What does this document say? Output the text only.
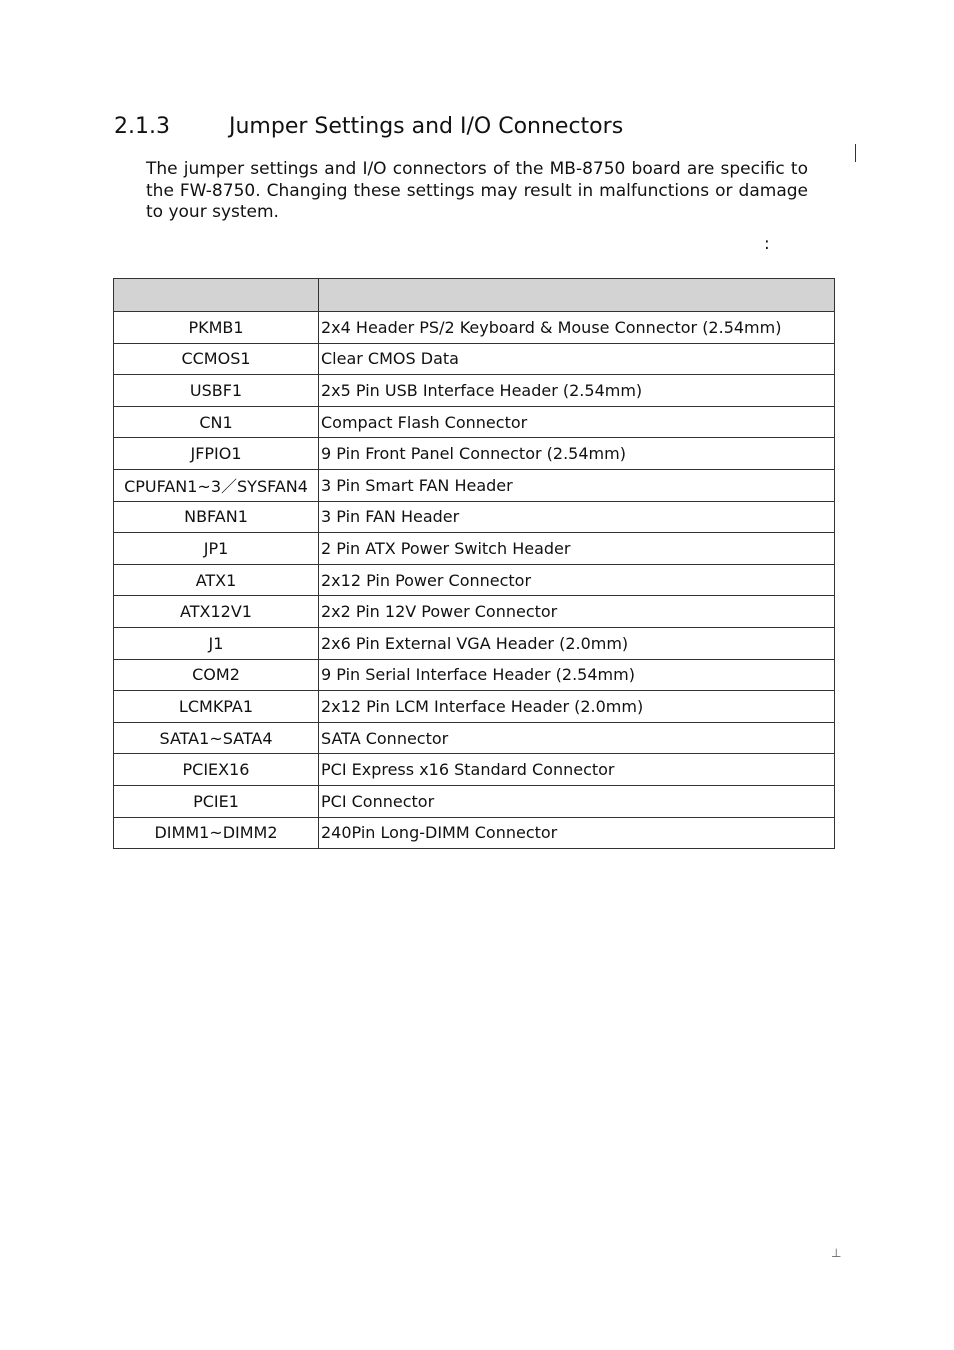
2.1.3	Jumper Settings and I/O Connectors

The jumper settings and I/O connectors of the MB-8750 board are specific to the FW-8750. Changing these settings may result in malfunctions or damage to your system.

:

PKMB1	2x4 Header PS/2 Keyboard & Mouse Connector (2.54mm)
CCMOS1	Clear CMOS Data
USBF1	2x5 Pin USB Interface Header (2.54mm)
CN1	Compact Flash Connector
JFPIO1	9 Pin Front Panel Connector (2.54mm)
CPUFAN1~3／SYSFAN4	3 Pin Smart FAN Header
NBFAN1	3 Pin FAN Header
JP1	2 Pin ATX Power Switch Header
ATX1	2x12 Pin Power Connector
ATX12V1	2x2 Pin 12V Power Connector
J1	2x6 Pin External VGA Header (2.0mm)
COM2	9 Pin Serial Interface Header (2.54mm)
LCMKPA1	2x12 Pin LCM Interface Header (2.0mm)
SATA1~SATA4	SATA Connector
PCIEX16	PCI Express x16 Standard Connector
PCIE1	PCI Connector
DIMM1~DIMM2	240Pin Long-DIMM Connector
⊥
